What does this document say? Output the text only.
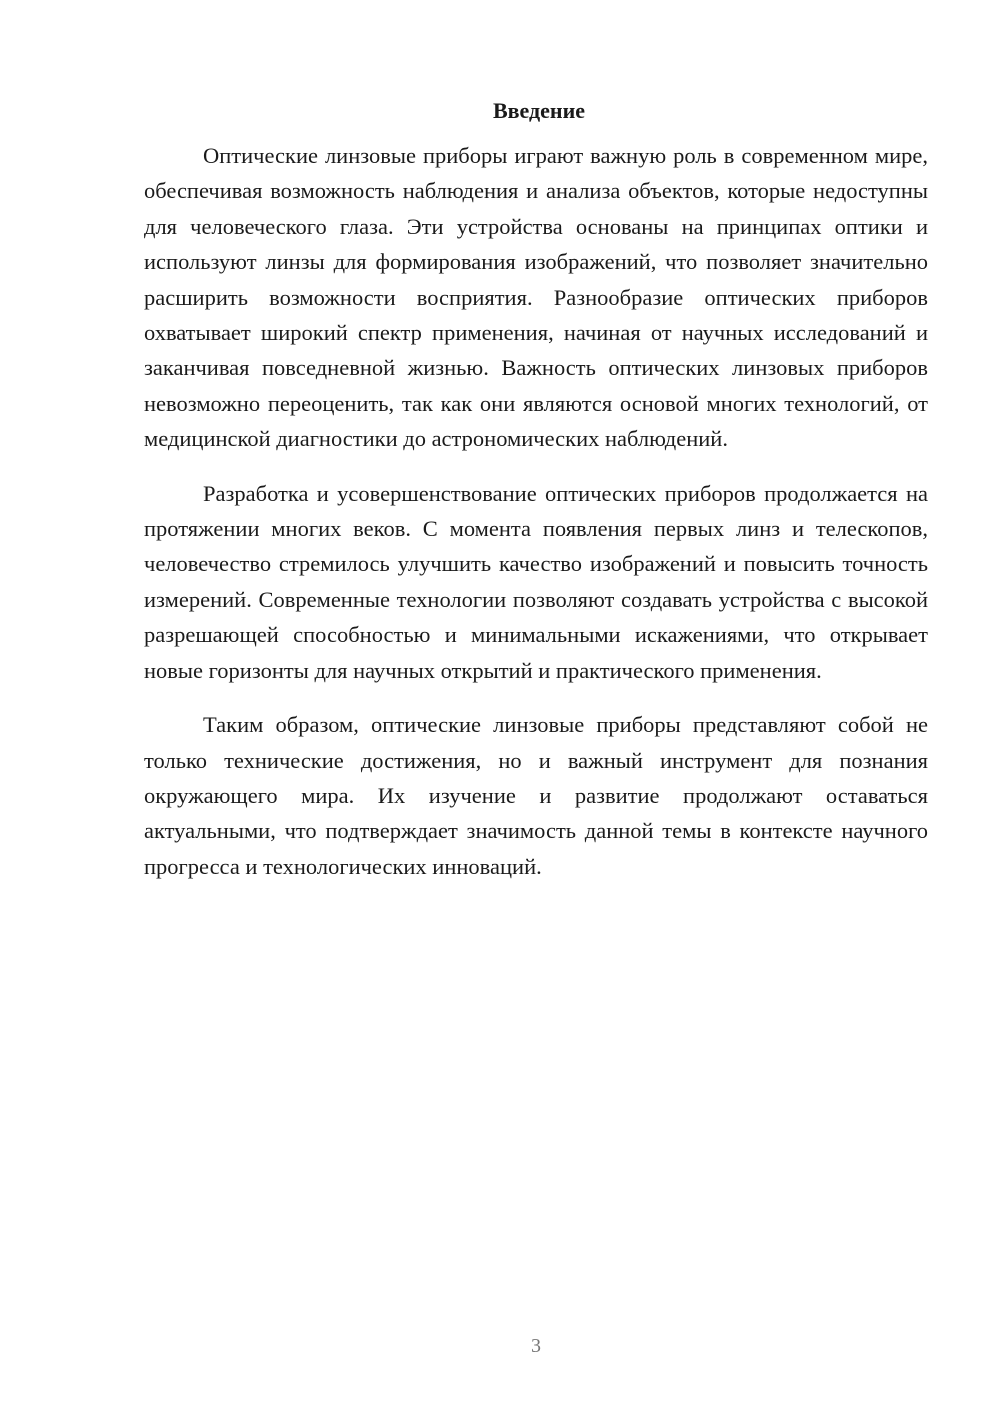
Введение

Оптические линзовые приборы играют важную роль в современном мире, обеспечивая возможность наблюдения и анализа объектов, которые недоступны для человеческого глаза. Эти устройства основаны на принципах оптики и используют линзы для формирования изображений, что позволяет значительно расширить возможности восприятия. Разнообразие оптических приборов охватывает широкий спектр применения, начиная от научных исследований и заканчивая повседневной жизнью. Важность оптических линзовых приборов невозможно переоценить, так как они являются основой многих технологий, от медицинской диагностики до астрономических наблюдений.

Разработка и усовершенствование оптических приборов продолжается на протяжении многих веков. С момента появления первых линз и телескопов, человечество стремилось улучшить качество изображений и повысить точность измерений. Современные технологии позволяют создавать устройства с высокой разрешающей способностью и минимальными искажениями, что открывает новые горизонты для научных открытий и практического применения.

Таким образом, оптические линзовые приборы представляют собой не только технические достижения, но и важный инструмент для познания окружающего мира. Их изучение и развитие продолжают оставаться актуальными, что подтверждает значимость данной темы в контексте научного прогресса и технологических инноваций.

3
